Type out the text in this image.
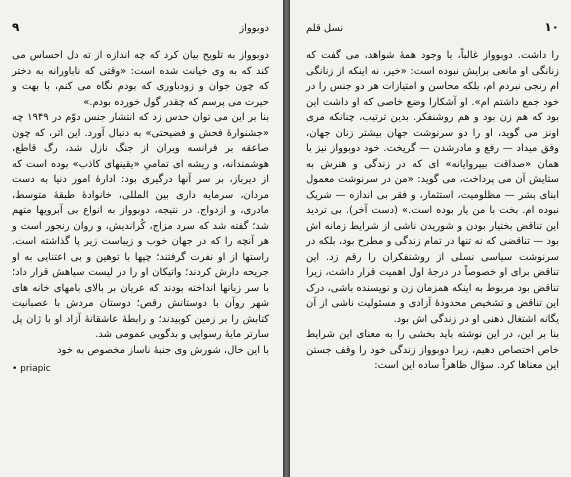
۹	دوبوواز

دوبوواز به تلویح بیان کرد که چه اندازه از ته دل احساس می کند که به وی خیانت شده است: «وقتی که ناباورانه به دختر که چون جوان و زودباوری که بودم نگاه می کنم، با بهت و حیرت می پرسم که چقدر گول خورده بودم.»

بنا بر این می توان حدس زد که انتشار جنس دوّم در ۱۹۴۹ چه «جشنوارهٔ فحش و فضیحتی» به دنبال آورد. این اثر، که چون صاعقه بر فرانسه ویران از جنگ نازل شد، رگ قاطع، هوشمندانه، و ریشه ای تمامیِ «یقینهای کاذب» بوده است که از دیرباز، بر سر آنها درگیری بود: ادارهٔ امور دنیا به دست مردان، سرمایه داری بین المللی، خانوادهٔ طبقهٔ متوسط، مادری، و ازدواج. در نتیجه، دوبوواز به انواع بی آبرویها متهم شد؛ گفته شد که سرد مزاج، کُراندیش، و روان رنجور است و هر آنچه را که در جهان خوب و زیباست زیر پا گذاشته است. راستها از او نفرت گرفتند؛ چپها با توهین و بی اعتنایی به او جریحه دارش کردند؛ واتیکان او را در لیست سیاهش قرار داد؛ با سر زبانها انداخته بودند که عریان بر بالای بامهای خانه های شهر روآن با دوستانش رقص؛ دوستان مردش با عصبانیت کتابش را بر زمین کوبیدند؛ و رابطهٔ عاشقانهٔ آزاد او با ژان پل سارتر مایهٔ رسوایی و بدگویی عمومی شد.

با این حال، شورش وی جنبهٔ ناساز مخصوص به خود

• priapic
نسل قلم	۱۰

را داشت. دوبوواز غالباً، با وجود همهٔ شواهد، می گفت که زنانگی او مانعی برایش نبوده است: «خیر، نه اینکه از زنانگی ام رنجی نبردم ام، بلکه محاسن و امتیازات هر دو جنس را در خود جمع داشتم ام». او آشکارا وضع خاصی که او داشت این بود که هم زن بود و هم روشنفکر. بدین ترتیب، چنانکه مری اونز می گوید، او را دو سرنوشت جهان بیشتر زنان جهان، وفق میداد — رفع و مادرشدن — گریخت. خود دوبوواز نیز با همان «صداقت بیپروایانه» ای که در زندگی و هنرش به ستایش آن می پرداخت، می گوید: «من در سرنوشت معمول ابنای بشر — مظلومیت، استثمار، و فقر بی اندازه — شریک نبوده ام. بخت با من یار بوده است.» (دست آخر). بی تردید این تناقض بختیار بودن و شوریدن ناشی از شرایط زمانه اش بود — تناقضی که نه تنها در تمام زندگی و مطرح بود، بلکه در سرنوشت سیاسی نسلی از روشنفکران را رقم زد. این تناقض برای او خصوصاً در درجهٔ اول اهمیت قرار داشت، زیرا تناقض بود مربوط به اینکه همزمان زن و نویسنده باشی، درک این تناقض و تشخیص محدودهٔ آزادی و مسئولیت ناشی از آن یگانه اشتغال ذهنی او در زندگی اش بود.

بنا بر این، در این نوشته باید بخشی را به معنای این شرایط خاص اختصاص دهیم، زیرا دوبوواز زندگی خود را وقف جستن این معناها کرد. سؤال ظاهراً ساده این است:
